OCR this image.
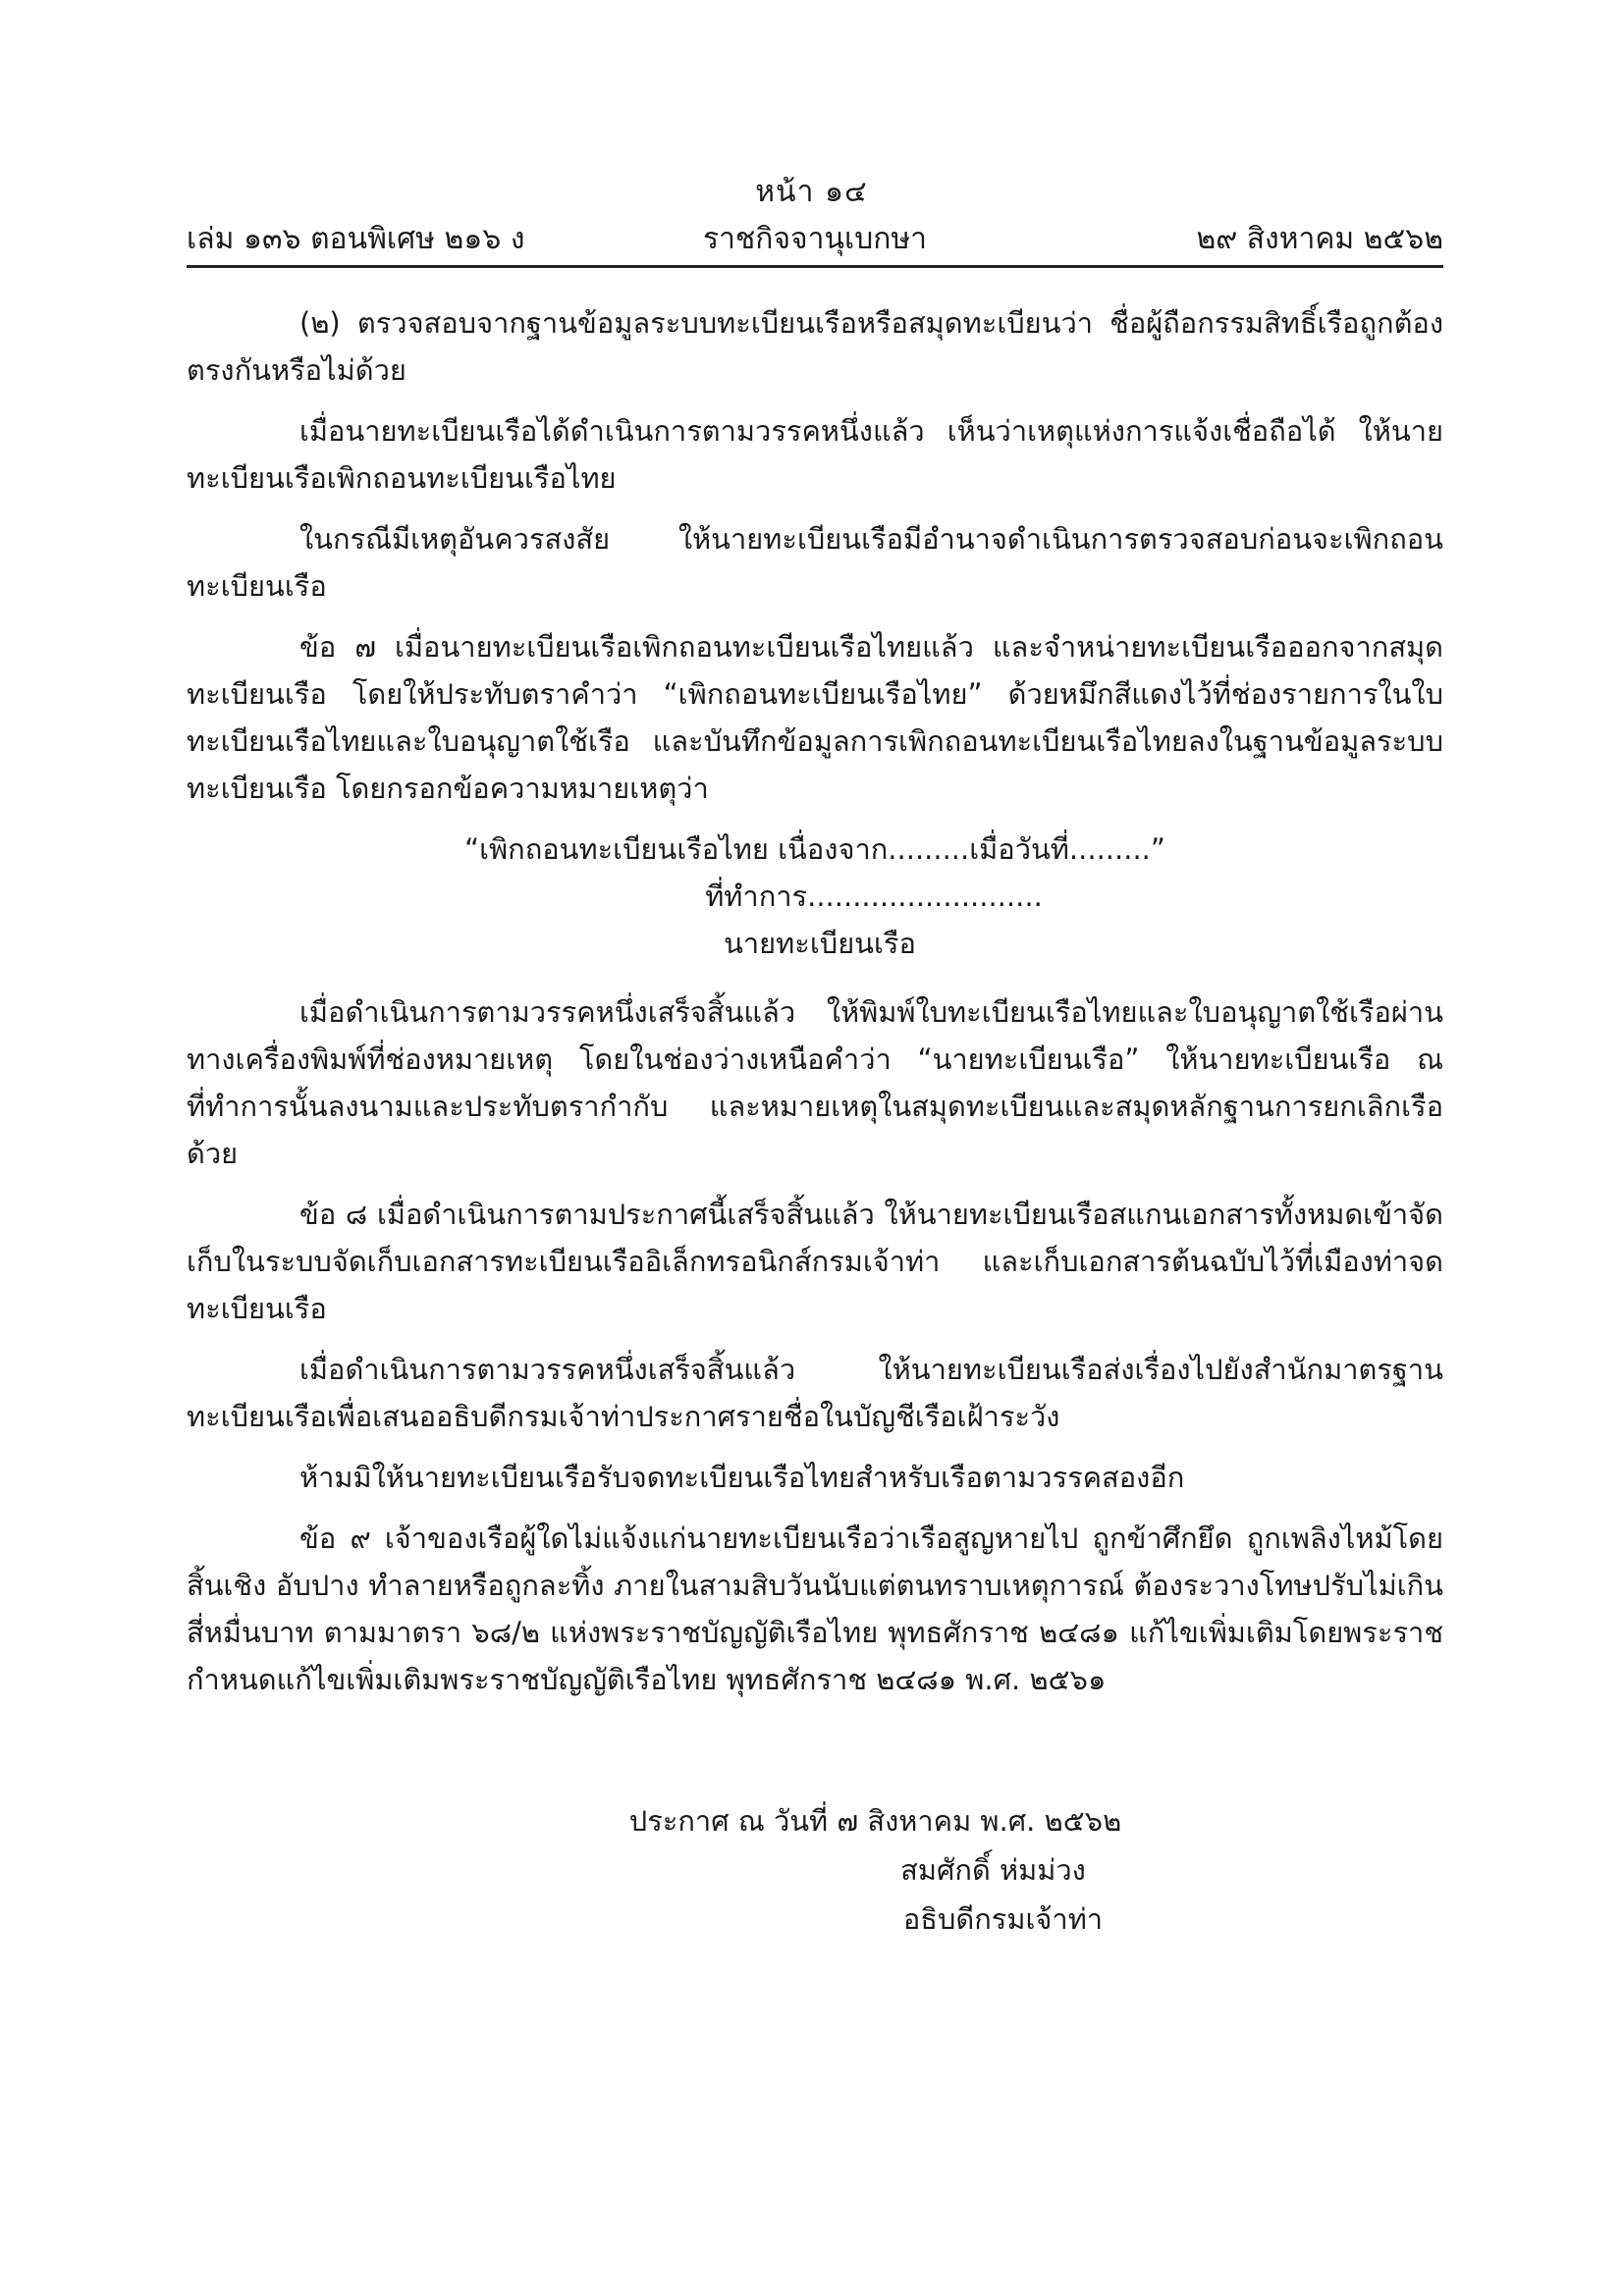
หน้า ๑๔
เล่ม ๑๓๖ ตอนพิเศษ ๒๑๖ ง	ราชกิจจานุเบกษา	๒๙ สิงหาคม ๒๕๖๒

(๒) ตรวจสอบจากฐานข้อมูลระบบทะเบียนเรือหรือสมุดทะเบียนว่า ชื่อผู้ถือกรรมสิทธิ์เรือถูกต้องตรงกันหรือไม่ด้วย

เมื่อนายทะเบียนเรือได้ดำเนินการตามวรรคหนึ่งแล้ว เห็นว่าเหตุแห่งการแจ้งเชื่อถือได้ ให้นายทะเบียนเรือเพิกถอนทะเบียนเรือไทย

ในกรณีมีเหตุอันควรสงสัย ให้นายทะเบียนเรือมีอำนาจดำเนินการตรวจสอบก่อนจะเพิกถอนทะเบียนเรือ

ข้อ ๗ เมื่อนายทะเบียนเรือเพิกถอนทะเบียนเรือไทยแล้ว และจำหน่ายทะเบียนเรือออกจากสมุดทะเบียนเรือ โดยให้ประทับตราคำว่า “เพิกถอนทะเบียนเรือไทย” ด้วยหมึกสีแดงไว้ที่ช่องรายการในใบทะเบียนเรือไทยและใบอนุญาตใช้เรือ และบันทึกข้อมูลการเพิกถอนทะเบียนเรือไทยลงในฐานข้อมูลระบบทะเบียนเรือ โดยกรอกข้อความหมายเหตุว่า

“เพิกถอนทะเบียนเรือไทย เนื่องจาก.........เมื่อวันที่.........”

ที่ทำการ..........................

นายทะเบียนเรือ

เมื่อดำเนินการตามวรรคหนึ่งเสร็จสิ้นแล้ว ให้พิมพ์ใบทะเบียนเรือไทยและใบอนุญาตใช้เรือผ่านทางเครื่องพิมพ์ที่ช่องหมายเหตุ โดยในช่องว่างเหนือคำว่า “นายทะเบียนเรือ” ให้นายทะเบียนเรือ ณ ที่ทำการนั้นลงนามและประทับตรากำกับ และหมายเหตุในสมุดทะเบียนและสมุดหลักฐานการยกเลิกเรือด้วย

ข้อ ๘ เมื่อดำเนินการตามประกาศนี้เสร็จสิ้นแล้ว ให้นายทะเบียนเรือสแกนเอกสารทั้งหมดเข้าจัดเก็บในระบบจัดเก็บเอกสารทะเบียนเรืออิเล็กทรอนิกส์กรมเจ้าท่า และเก็บเอกสารต้นฉบับไว้ที่เมืองท่าจดทะเบียนเรือ

เมื่อดำเนินการตามวรรคหนึ่งเสร็จสิ้นแล้ว ให้นายทะเบียนเรือส่งเรื่องไปยังสำนักมาตรฐานทะเบียนเรือเพื่อเสนออธิบดีกรมเจ้าท่าประกาศรายชื่อในบัญชีเรือเฝ้าระวัง

ห้ามมิให้นายทะเบียนเรือรับจดทะเบียนเรือไทยสำหรับเรือตามวรรคสองอีก

ข้อ ๙ เจ้าของเรือผู้ใดไม่แจ้งแก่นายทะเบียนเรือว่าเรือสูญหายไป ถูกข้าศึกยึด ถูกเพลิงไหม้โดยสิ้นเชิง อับปาง ทำลายหรือถูกละทิ้ง ภายในสามสิบวันนับแต่ตนทราบเหตุการณ์ ต้องระวางโทษปรับไม่เกินสี่หมื่นบาท ตามมาตรา ๖๘/๒ แห่งพระราชบัญญัติเรือไทย พุทธศักราช ๒๔๘๑ แก้ไขเพิ่มเติมโดยพระราชกำหนดแก้ไขเพิ่มเติมพระราชบัญญัติเรือไทย พุทธศักราช ๒๔๘๑ พ.ศ. ๒๕๖๑

ประกาศ ณ วันที่ ๗ สิงหาคม พ.ศ. ๒๕๖๒
สมศักดิ์ ห่มม่วง
อธิบดีกรมเจ้าท่า
